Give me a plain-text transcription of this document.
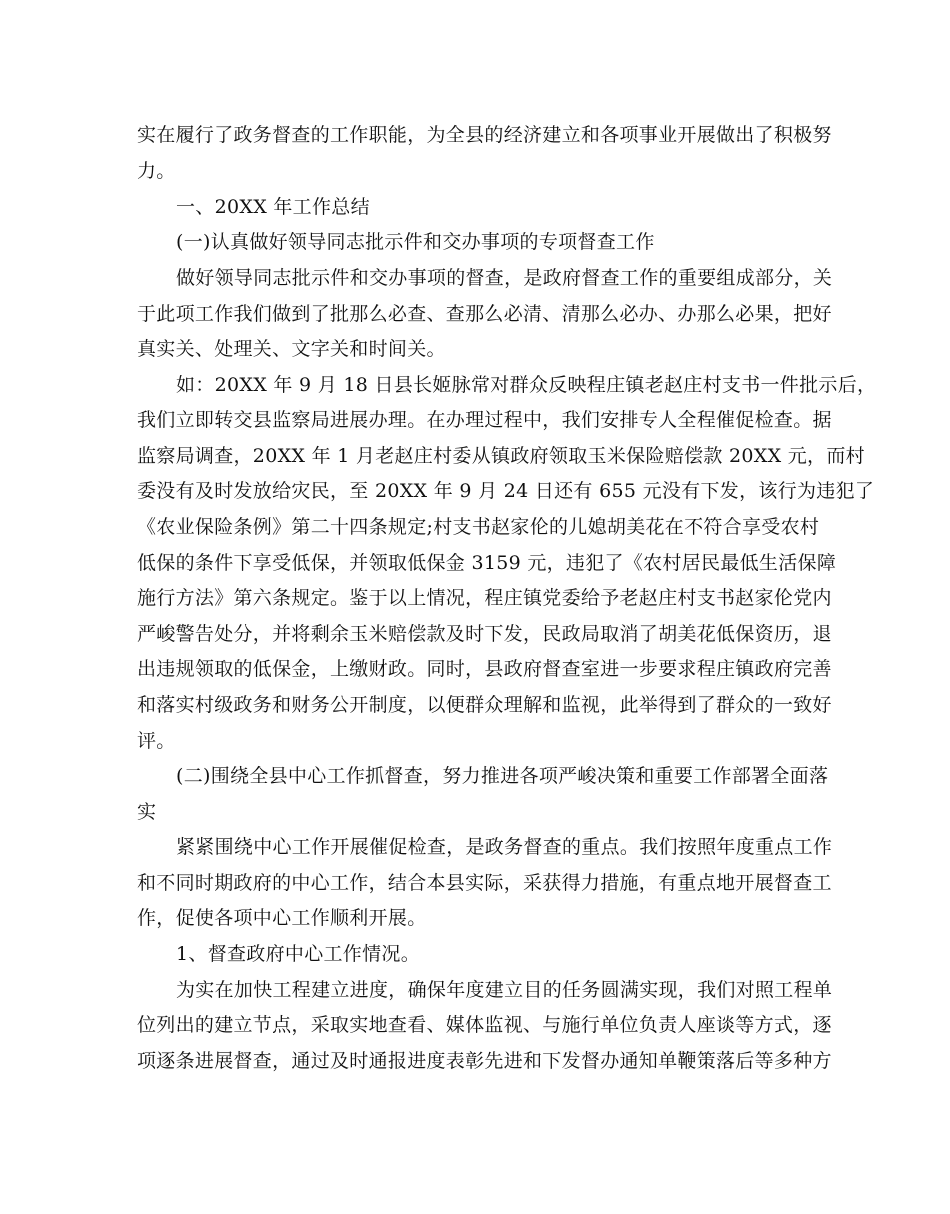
实在履行了政务督查的工作职能，为全县的经济建立和各项事业开展做出了积极努
力。
一、20XX 年工作总结
(一)认真做好领导同志批示件和交办事项的专项督查工作
做好领导同志批示件和交办事项的督查，是政府督查工作的重要组成部分，关
于此项工作我们做到了批那么必查、查那么必清、清那么必办、办那么必果，把好
真实关、处理关、文字关和时间关。
如：20XX 年 9 月 18 日县长姬脉常对群众反映程庄镇老赵庄村支书一件批示后，
我们立即转交县监察局进展办理。在办理过程中，我们安排专人全程催促检查。据
监察局调查，20XX 年 1 月老赵庄村委从镇政府领取玉米保险赔偿款 20XX 元，而村
委没有及时发放给灾民，至 20XX 年 9 月 24 日还有 655 元没有下发，该行为违犯了
《农业保险条例》第二十四条规定;村支书赵家伦的儿媳胡美花在不符合享受农村
低保的条件下享受低保，并领取低保金 3159 元，违犯了《农村居民最低生活保障
施行方法》第六条规定。鉴于以上情况，程庄镇党委给予老赵庄村支书赵家伦党内
严峻警告处分，并将剩余玉米赔偿款及时下发，民政局取消了胡美花低保资历，退
出违规领取的低保金，上缴财政。同时，县政府督查室进一步要求程庄镇政府完善
和落实村级政务和财务公开制度，以便群众理解和监视，此举得到了群众的一致好
评。
(二)围绕全县中心工作抓督查，努力推进各项严峻决策和重要工作部署全面落
实
紧紧围绕中心工作开展催促检查，是政务督查的重点。我们按照年度重点工作
和不同时期政府的中心工作，结合本县实际，采获得力措施，有重点地开展督查工
作，促使各项中心工作顺利开展。
1、督查政府中心工作情况。
为实在加快工程建立进度，确保年度建立目的任务圆满实现，我们对照工程单
位列出的建立节点，采取实地查看、媒体监视、与施行单位负责人座谈等方式，逐
项逐条进展督查，通过及时通报进度表彰先进和下发督办通知单鞭策落后等多种方
